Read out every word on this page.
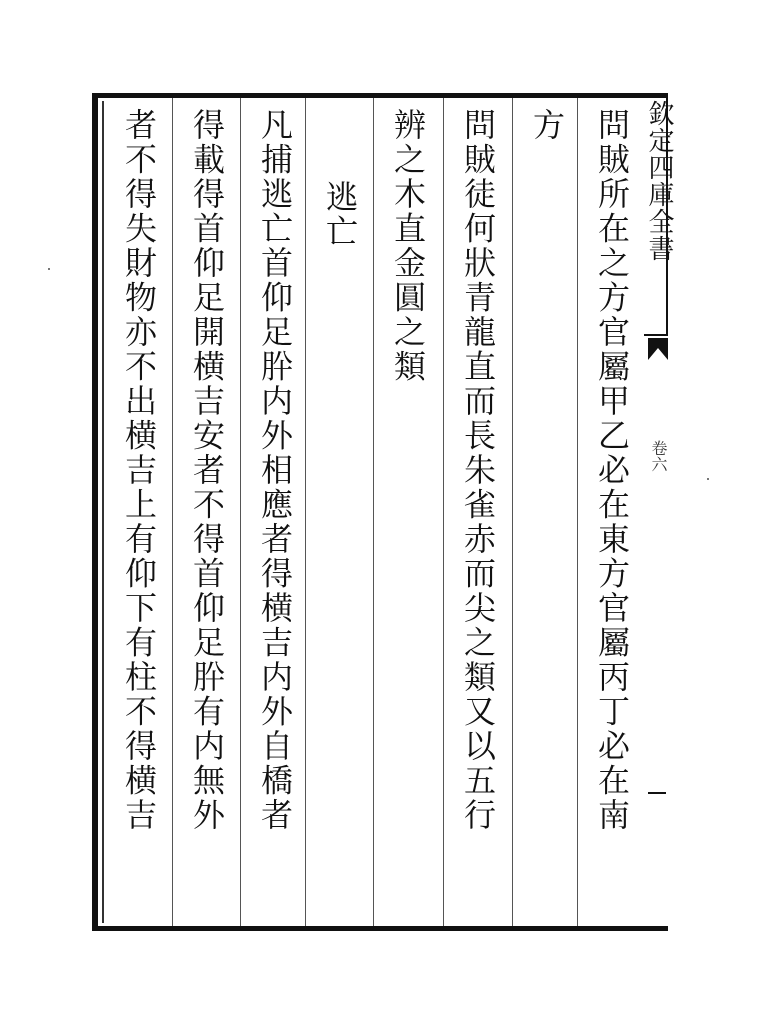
欽定四庫全書
卷六
問賊所在之方官屬甲乙必在東方官屬丙丁必在南
方
問賊徒何狀青龍直而長朱雀赤而尖之類又以五行
辨之木直金圓之類
逃亡
凡捕逃亡首仰足肸内外相應者得横吉内外自橋者
得載得首仰足開横吉安者不得首仰足肸有内無外
者不得失財物亦不出横吉上有仰下有柱不得横吉
